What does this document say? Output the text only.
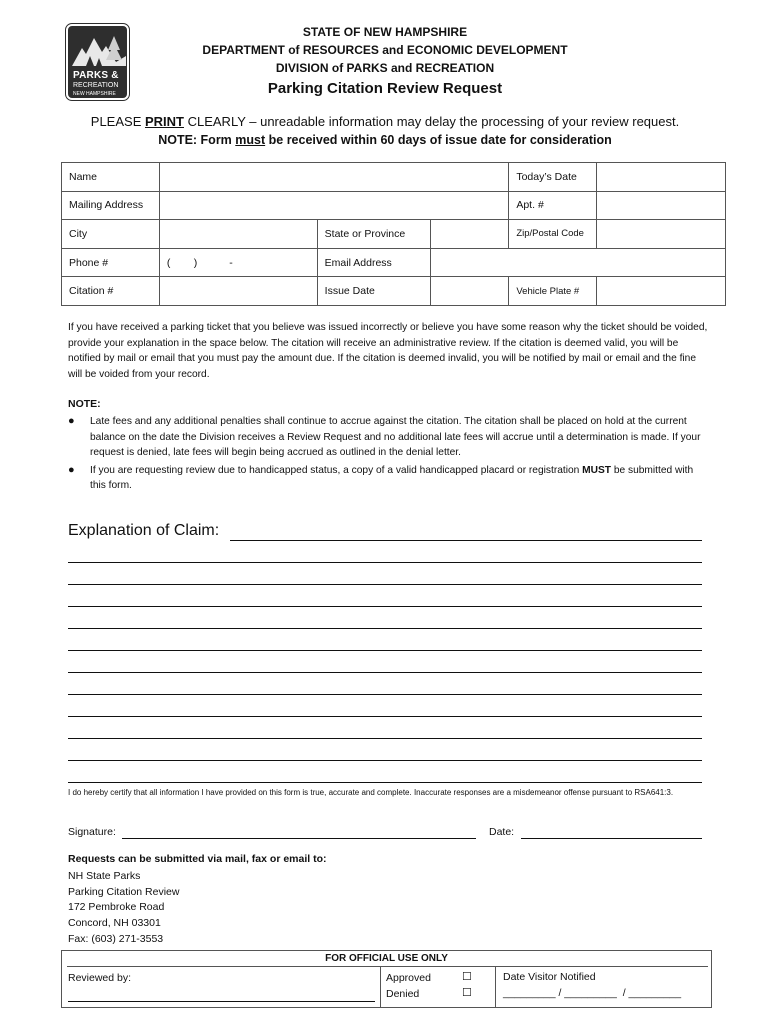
PARKS &
RECREATION
NEW HAMPSHIRE
STATE OF NEW HAMPSHIRE
DEPARTMENT of RESOURCES and ECONOMIC DEVELOPMENT
DIVISION of PARKS and RECREATION
Parking Citation Review Request
PLEASE PRINT CLEARLY – unreadable information may delay the processing of your review request.
NOTE: Form must be received within 60 days of issue date for consideration
Name				Today’s Date	
Mailing Address				Apt. #	
City		State or Province		Zip/Postal Code	
Phone #	(        )           -	Email Address			
Citation #		Issue Date		Vehicle Plate #	
If you have received a parking ticket that you believe was issued incorrectly or believe you have some reason why the ticket should be voided, provide your explanation in the space below. The citation will receive an administrative review. If the citation is deemed valid, you will be notified by mail or email that you must pay the amount due. If the citation is deemed invalid, you will be notified by mail or email and the fine will be voided from your record.
NOTE:
● Late fees and any additional penalties shall continue to accrue against the citation. The citation shall be placed on hold at the current balance on the date the Division receives a Review Request and no additional late fees will accrue until a determination is made. If your request is denied, late fees will begin being accrued as outlined in the denial letter.
● If you are requesting review due to handicapped status, a copy of a valid handicapped placard or registration MUST be submitted with this form.
Explanation of Claim:
I do hereby certify that all information I have provided on this form is true, accurate and complete. Inaccurate responses are a misdemeanor offense pursuant to RSA641:3.
Signature:	Date:
Requests can be submitted via mail, fax or email to:
NH State Parks
Parking Citation Review
172 Pembroke Road
Concord, NH 03301
Fax: (603) 271-3553
FOR OFFICIAL USE ONLY
Reviewed by:	Approved	☐
Denied	☐
Date Visitor Notified
_________ / _________  / _________
